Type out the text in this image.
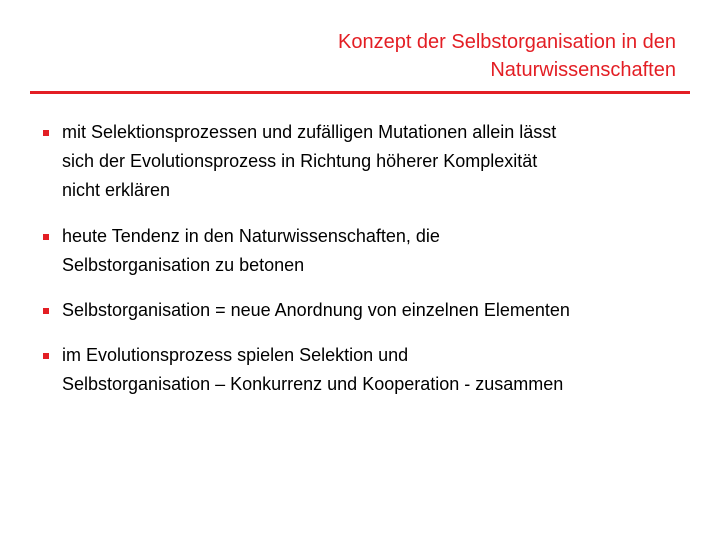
Konzept der Selbstorganisation in den
Naturwissenschaften
mit Selektionsprozessen und zufälligen Mutationen allein lässt
sich der Evolutionsprozess in Richtung höherer Komplexität
nicht erklären
heute Tendenz in den Naturwissenschaften, die
Selbstorganisation zu betonen
Selbstorganisation = neue Anordnung von einzelnen Elementen
im Evolutionsprozess spielen Selektion und
Selbstorganisation – Konkurrenz und Kooperation - zusammen
